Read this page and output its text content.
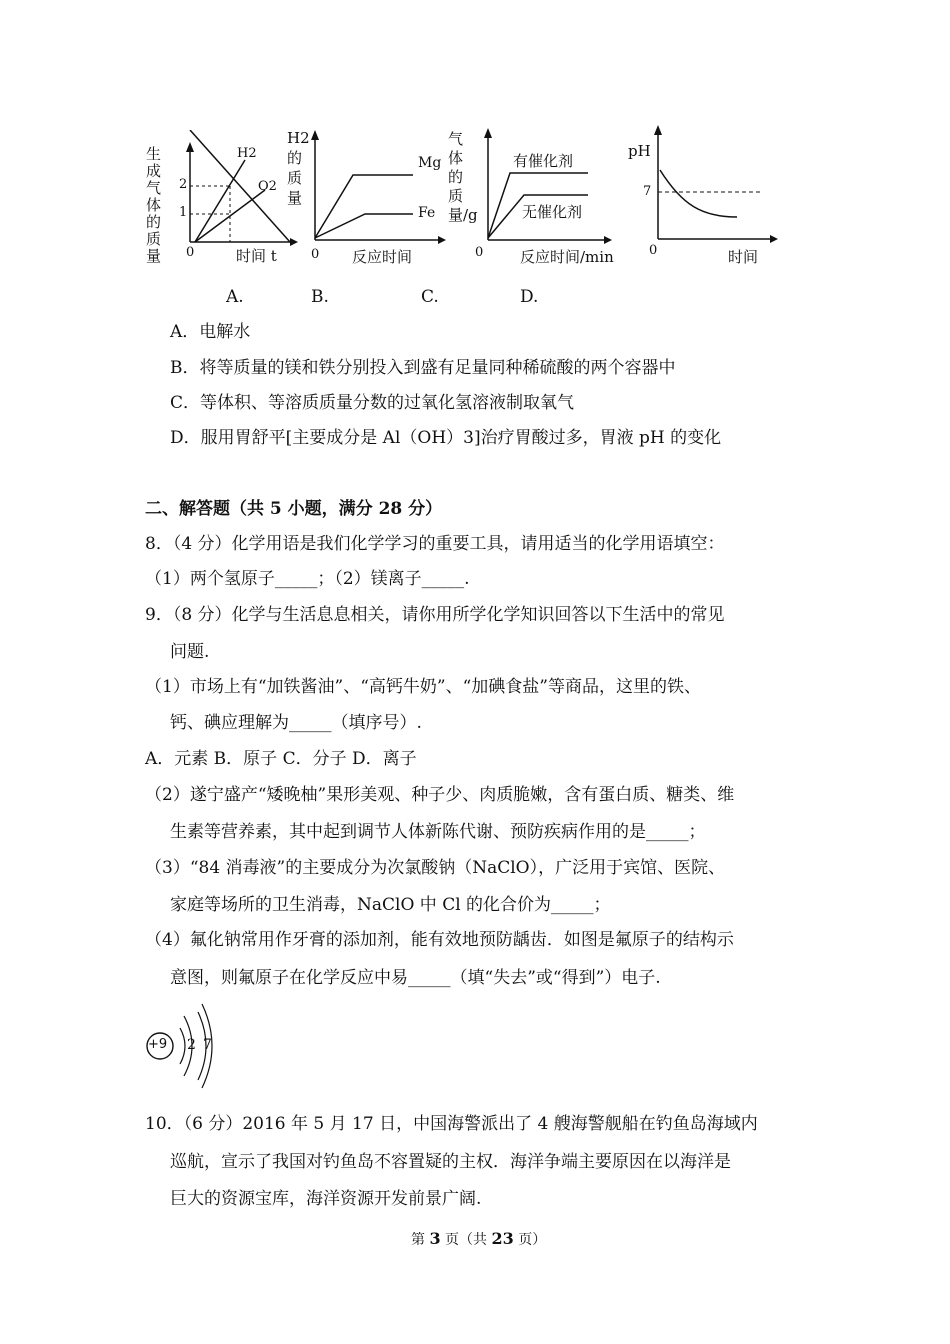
生成气体的质量
H2
O2
2
1
0	时间 t
H2的质量
Mg
Fe
0 反应时间
气体的质量/g
有催化剂
无催化剂
0 反应时间/min
pH
7
0	时间
A.	B.	C.	D.
A．电解水
B．将等质量的镁和铁分别投入到盛有足量同种稀硫酸的两个容器中
C．等体积、等溶质质量分数的过氧化氢溶液制取氧气
D．服用胃舒平[主要成分是 Al（OH）3]治疗胃酸过多，胃液 pH 的变化
二、解答题（共 5 小题，满分 28 分）
8．（4 分）化学用语是我们化学学习的重要工具，请用适当的化学用语填空：
（1）两个氢原子_____；（2）镁离子_____.
9．（8 分）化学与生活息息相关，请你用所学化学知识回答以下生活中的常见
问题.
（1）市场上有“加铁酱油”、“高钙牛奶”、“加碘食盐”等商品，这里的铁、
钙、碘应理解为_____（填序号）.
A．元素 B．原子 C．分子 D．离子
（2）遂宁盛产“矮晚柚”果形美观、种子少、肉质脆嫩，含有蛋白质、糖类、维
生素等营养素，其中起到调节人体新陈代谢、预防疾病作用的是_____；
（3）“84 消毒液”的主要成分为次氯酸钠（NaClO），广泛用于宾馆、医院、
家庭等场所的卫生消毒，NaClO 中 Cl 的化合价为_____；
（4）氟化钠常用作牙膏的添加剂，能有效地预防龋齿．如图是氟原子的结构示
意图，则氟原子在化学反应中易_____（填“失去”或“得到”）电子.
+9 2 7
10．（6 分）2016 年 5 月 17 日，中国海警派出了 4 艘海警舰船在钓鱼岛海域内
巡航，宣示了我国对钓鱼岛不容置疑的主权．海洋争端主要原因在以海洋是
巨大的资源宝库，海洋资源开发前景广阔.
第 3 页（共 23 页）
